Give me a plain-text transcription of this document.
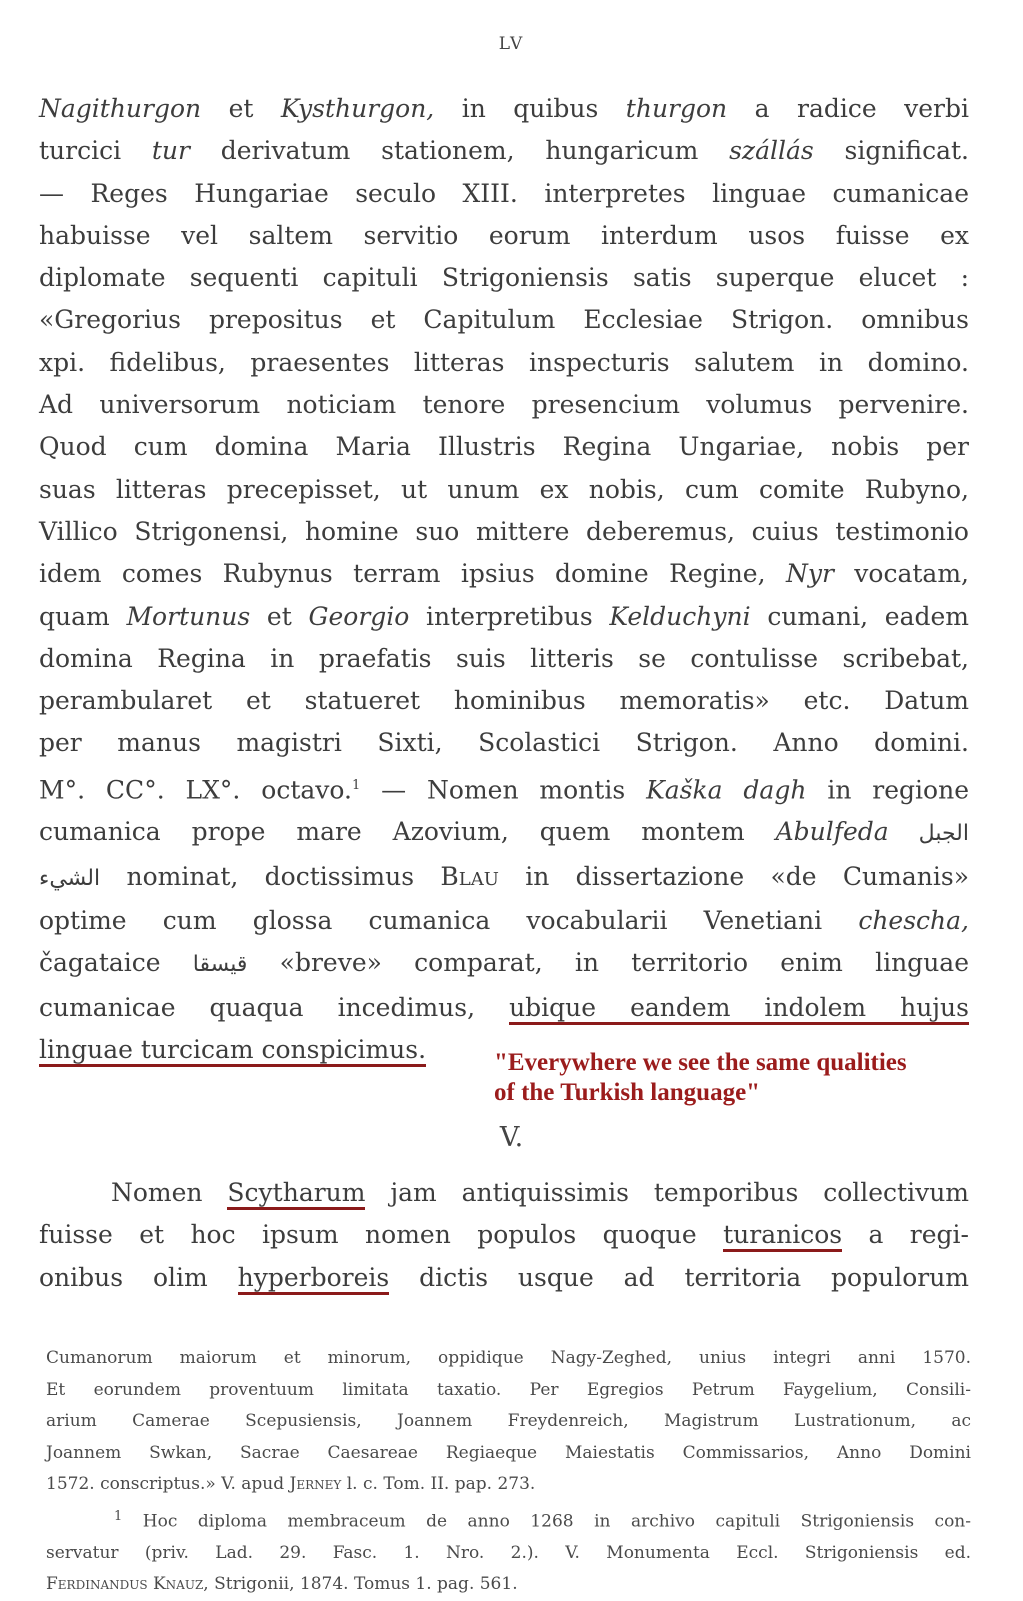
LV
Nagithurgon et Kysthurgon, in quibus thurgon a radice verbi
turcici tur derivatum stationem, hungaricum szállás significat.
— Reges Hungariae seculo XIII. interpretes linguae cumanicae
habuisse vel saltem servitio eorum interdum usos fuisse ex
diplomate sequenti capituli Strigoniensis satis superque elucet :
«Gregorius prepositus et Capitulum Ecclesiae Strigon. omnibus
xpi. fidelibus, praesentes litteras inspecturis salutem in domino.
Ad universorum noticiam tenore presencium volumus pervenire.
Quod cum domina Maria Illustris Regina Ungariae, nobis per
suas litteras precepisset, ut unum ex nobis, cum comite Rubyno,
Villico Strigonensi, homine suo mittere deberemus, cuius testimonio
idem comes Rubynus terram ipsius domine Regine, Nyr vocatam,
quam Mortunus et Georgio interpretibus Kelduchyni cumani, eadem
domina Regina in praefatis suis litteris se contulisse scribebat,
perambularet et statueret hominibus memoratis» etc. Datum
per manus magistri Sixti, Scolastici Strigon. Anno domini.
M°. CC°. LX°. octavo.$^1$ — Nomen montis Kaška dagh in regione
cumanica prope mare Azovium, quem montem Abulfeda الجبل
الشيء nominat, doctissimus Blau in dissertazione «de Cumanis»
optime cum glossa cumanica vocabularii Venetiani chescha,
čagataice قيسقا «breve» comparat, in territorio enim linguae
cumanicae quaqua incedimus, ubique eandem indolem hujus
linguae turcicam conspicimus.	"Everywhere we see the same qualities
of the Turkish language"
V.
Nomen Scytharum jam antiquissimis temporibus collectivum
fuisse et hoc ipsum nomen populos quoque turanicos a regi-
onibus olim hyperboreis dictis usque ad territoria populorum
Cumanorum maiorum et minorum, oppidique Nagy-Zeghed, unius integri anni 1570.
Et eorundem proventuum limitata taxatio. Per Egregios Petrum Faygelium, Consili-
arium Camerae Scepusiensis, Joannem Freydenreich, Magistrum Lustrationum, ac
Joannem Swkan, Sacrae Caesareae Regiaeque Maiestatis Commissarios, Anno Domini
1572. conscriptus.» V. apud Jerney l. c. Tom. II. pap. 273.
$^1$ Hoc diploma membraceum de anno 1268 in archivo capituli Strigoniensis con-
servatur (priv. Lad. 29. Fasc. 1. Nro. 2.). V. Monumenta Eccl. Strigoniensis ed.
Ferdinandus Knauz, Strigonii, 1874. Tomus 1. pag. 561.
